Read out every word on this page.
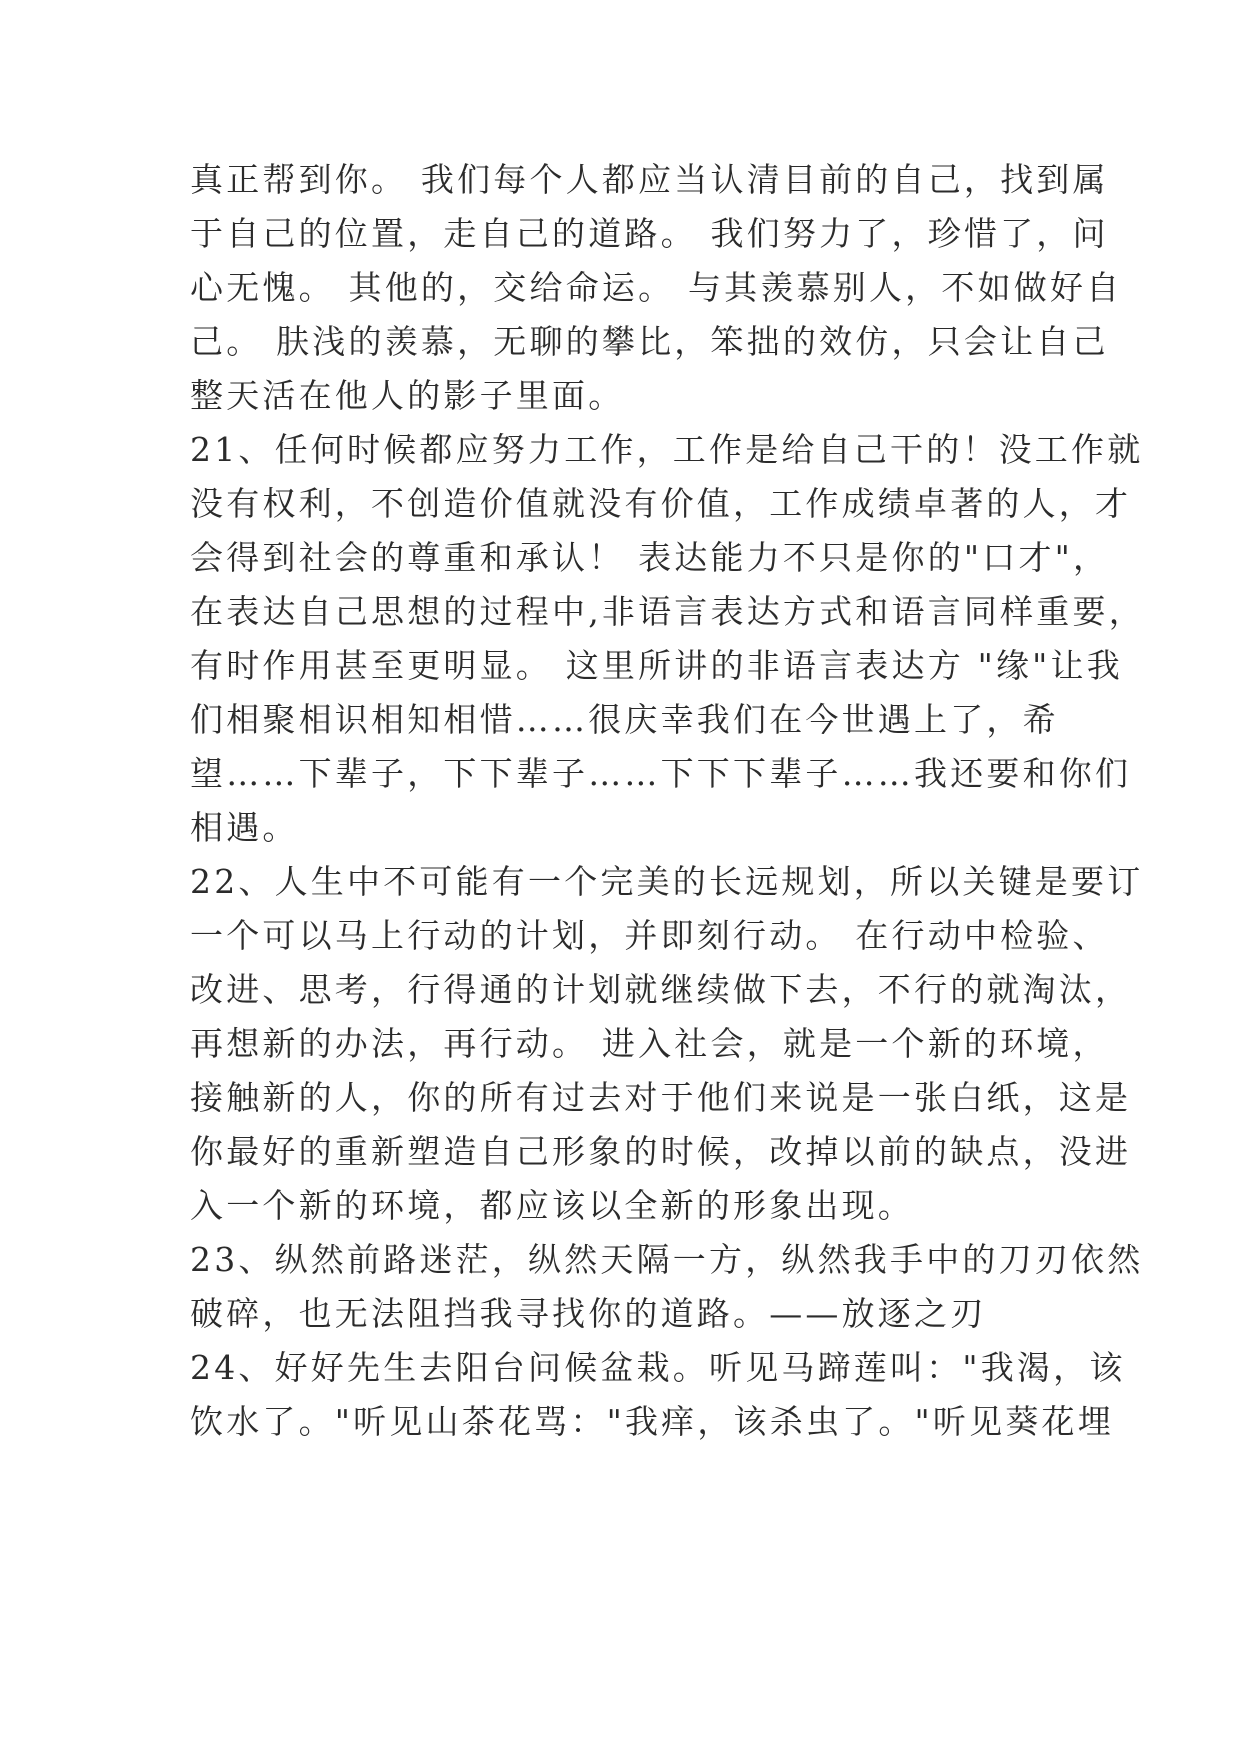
真正帮到你。 我们每个人都应当认清目前的自己，找到属
于自己的位置，走自己的道路。 我们努力了，珍惜了，问
心无愧。 其他的，交给命运。 与其羡慕别人，不如做好自
己。 肤浅的羡慕，无聊的攀比，笨拙的效仿，只会让自己
整天活在他人的影子里面。
21、任何时候都应努力工作，工作是给自己干的！没工作就
没有权利，不创造价值就没有价值，工作成绩卓著的人，才
会得到社会的尊重和承认！ 表达能力不只是你的"口才"，
在表达自己思想的过程中,非语言表达方式和语言同样重要，
有时作用甚至更明显。 这里所讲的非语言表达方 "缘"让我
们相聚相识相知相惜……很庆幸我们在今世遇上了，希
望……下辈子，下下辈子……下下下辈子……我还要和你们
相遇。
22、人生中不可能有一个完美的长远规划，所以关键是要订
一个可以马上行动的计划，并即刻行动。 在行动中检验、
改进、思考，行得通的计划就继续做下去，不行的就淘汰，
再想新的办法，再行动。 进入社会，就是一个新的环境，
接触新的人，你的所有过去对于他们来说是一张白纸，这是
你最好的重新塑造自己形象的时候，改掉以前的缺点，没进
入一个新的环境，都应该以全新的形象出现。
23、纵然前路迷茫，纵然天隔一方，纵然我手中的刀刃依然
破碎，也无法阻挡我寻找你的道路。——放逐之刃
24、好好先生去阳台问候盆栽。听见马蹄莲叫："我渴，该
饮水了。"听见山茶花骂："我痒，该杀虫了。"听见葵花埋
